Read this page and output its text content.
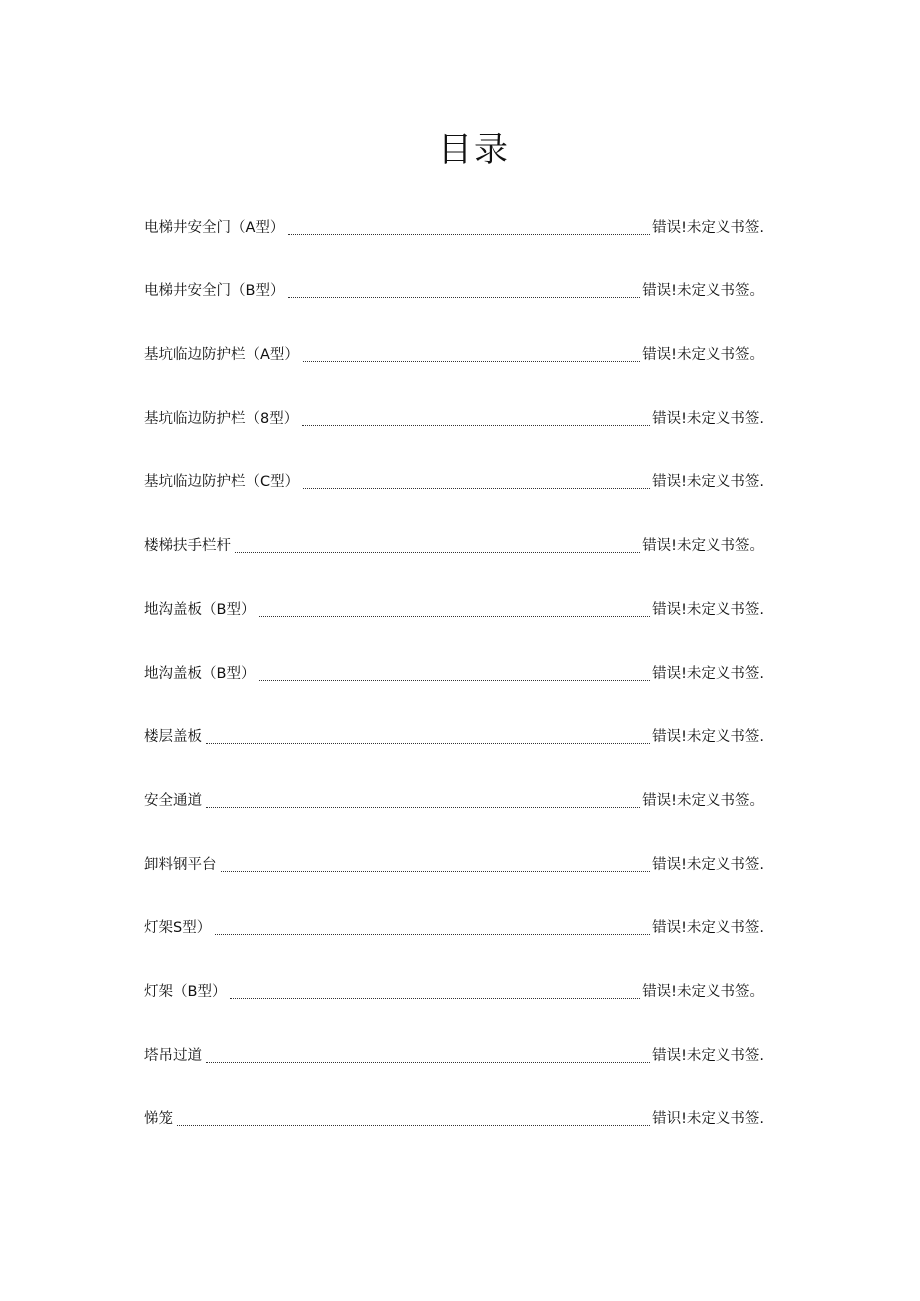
目录
电梯井安全门（A型）	错误!未定义书签.
电梯井安全门（B型）	错误!未定义书签。
基坑临边防护栏（A型）	错误!未定义书签。
基坑临边防护栏（8型）	错误!未定义书签.
基坑临边防护栏（C型）	错误!未定义书签.
楼梯扶手栏杆	错误!未定义书签。
地沟盖板（B型）	错误!未定义书签.
地沟盖板（B型）	错误!未定义书签.
楼层盖板	错误!未定义书签.
安全通道	错误!未定义书签。
卸料钢平台	错误!未定义书签.
灯架S型）	错误!未定义书签.
灯架（B型）	错误!未定义书签。
塔吊过道	错误!未定义书签.
悌笼	错识!未定义书签.
